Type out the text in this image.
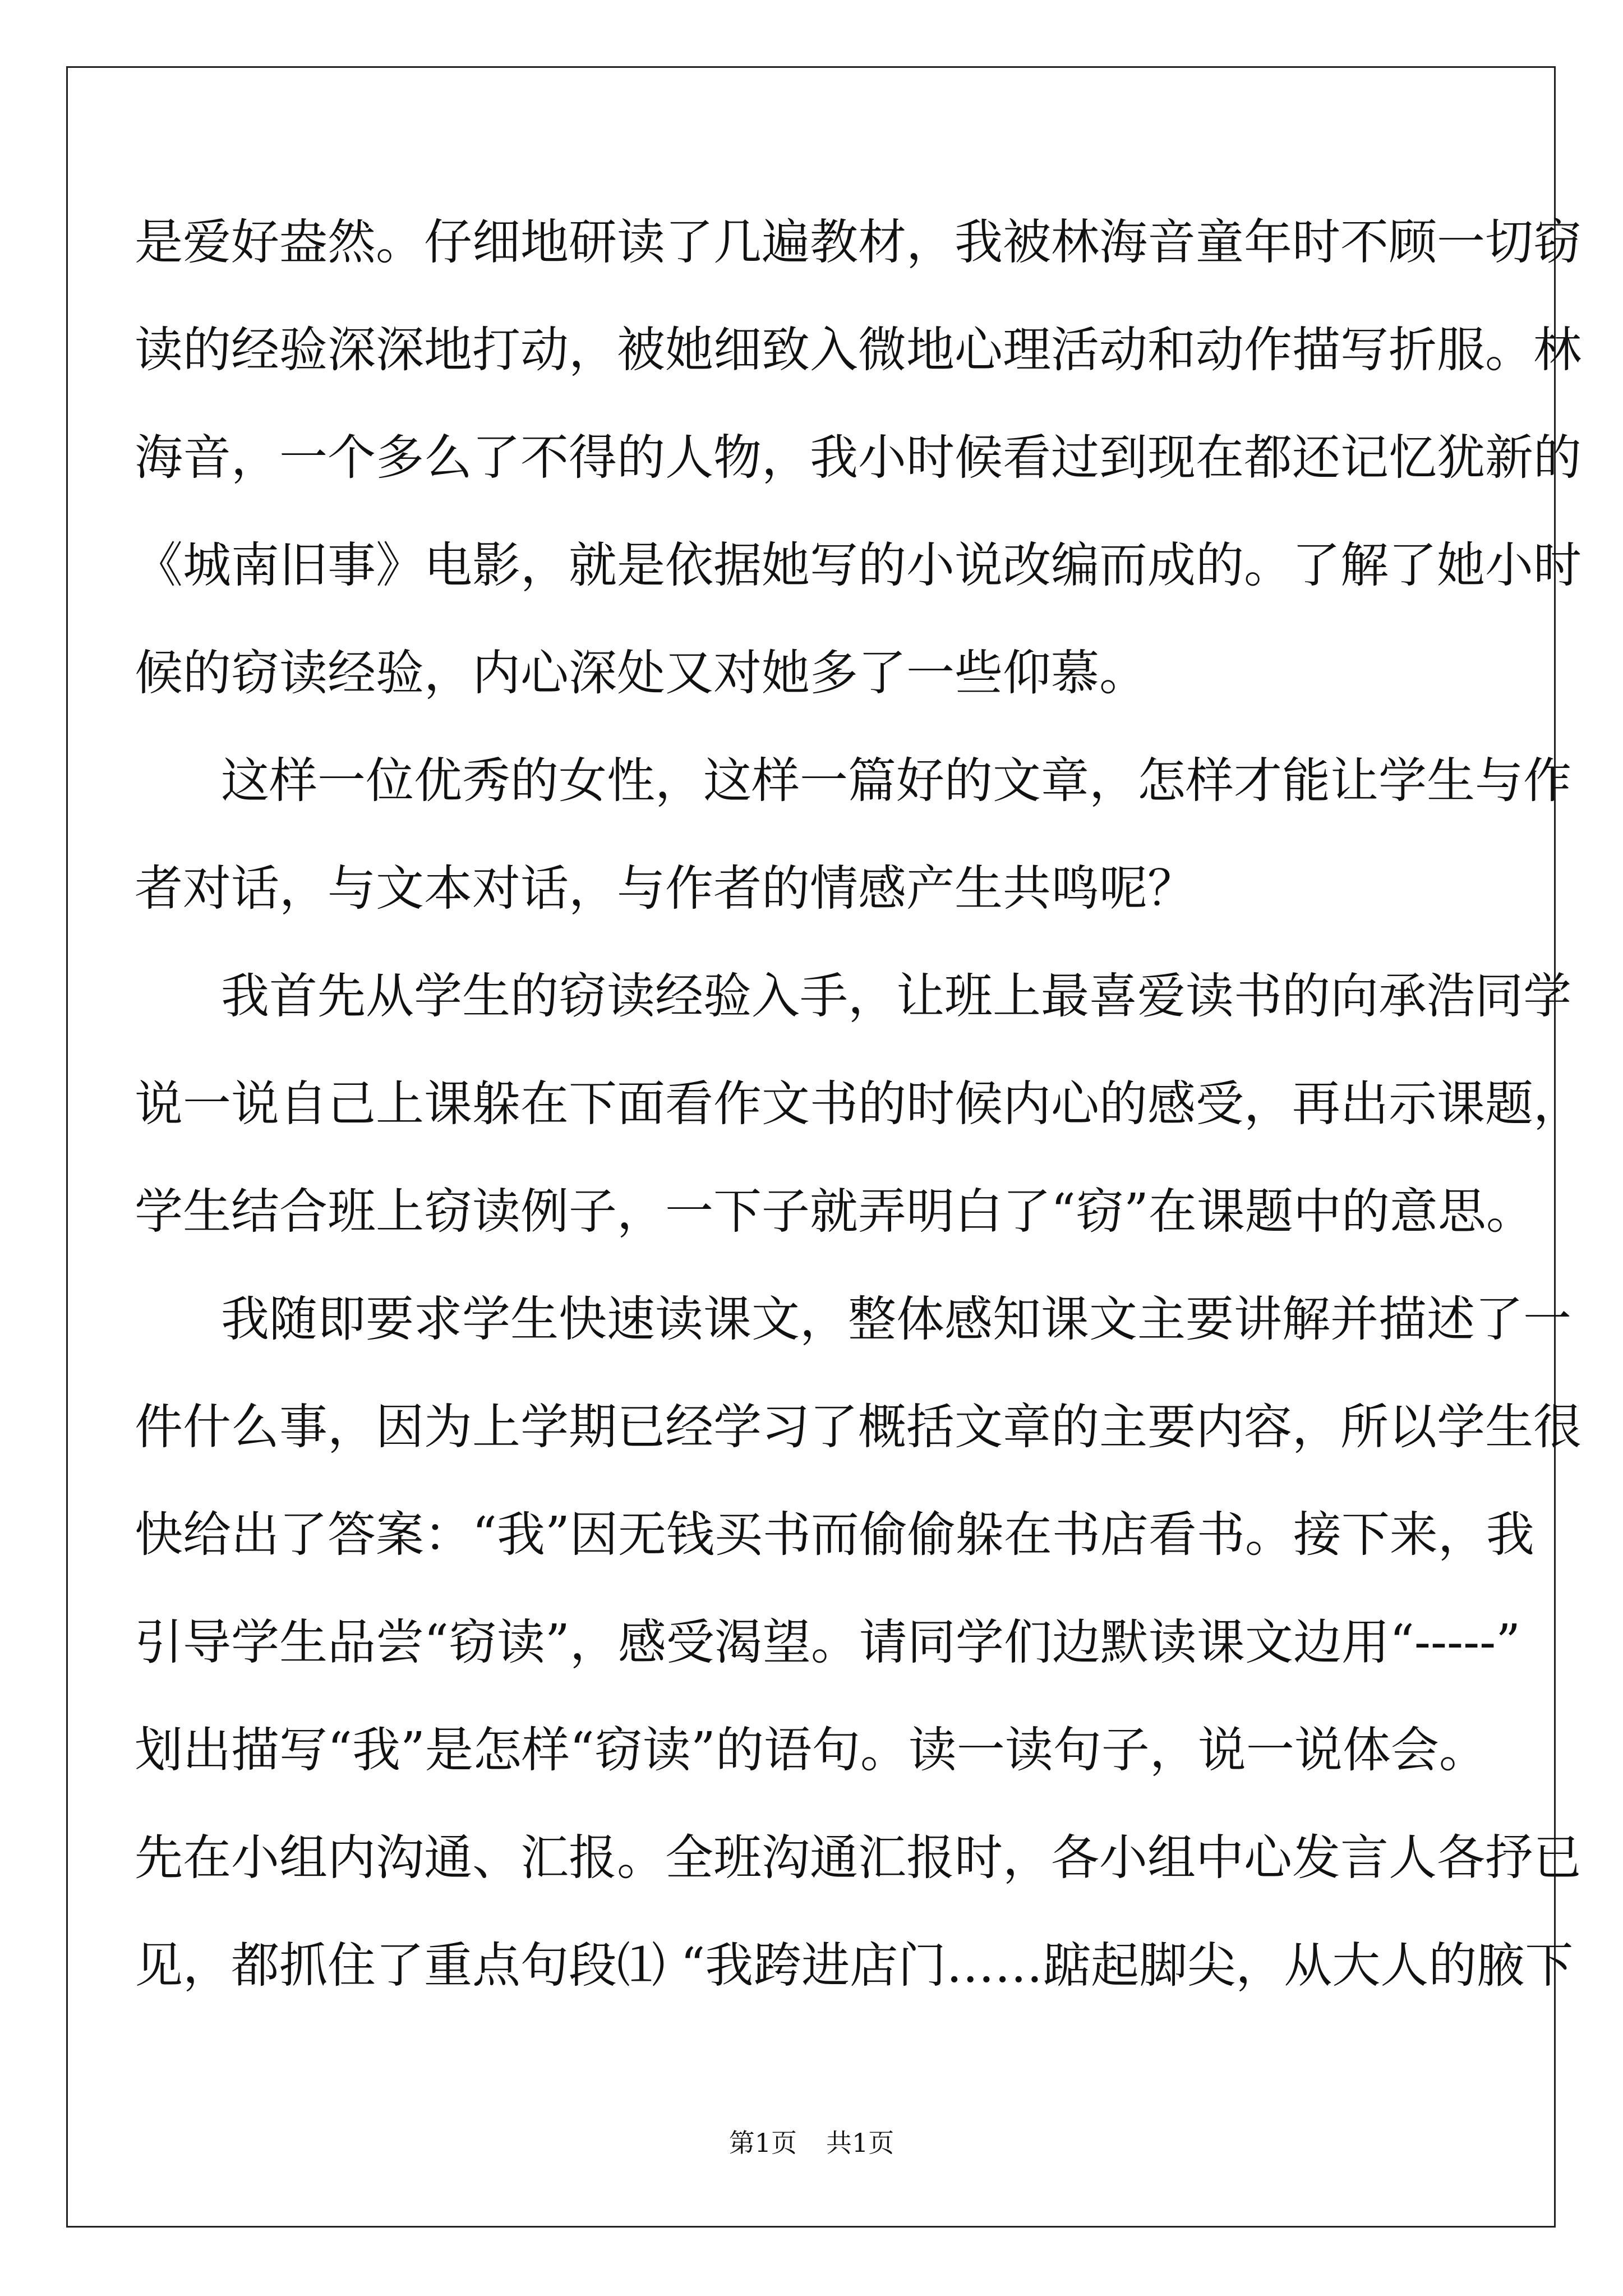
是爱好盎然。仔细地研读了几遍教材，我被林海音童年时不顾一切窃
读的经验深深地打动，被她细致入微地心理活动和动作描写折服。林
海音，一个多么了不得的人物，我小时候看过到现在都还记忆犹新的
《城南旧事》电影，就是依据她写的小说改编而成的。了解了她小时
候的窃读经验，内心深处又对她多了一些仰慕。
这样一位优秀的女性，这样一篇好的文章，怎样才能让学生与作
者对话，与文本对话，与作者的情感产生共鸣呢？
我首先从学生的窃读经验入手，让班上最喜爱读书的向承浩同学
说一说自己上课躲在下面看作文书的时候内心的感受，再出示课题，
学生结合班上窃读例子，一下子就弄明白了“窃”在课题中的意思。
我随即要求学生快速读课文，整体感知课文主要讲解并描述了一
件什么事，因为上学期已经学习了概括文章的主要内容，所以学生很
快给出了答案：“我”因无钱买书而偷偷躲在书店看书。接下来，我
引导学生品尝“窃读”，感受渴望。请同学们边默读课文边用“-----”
划出描写“我”是怎样“窃读”的语句。读一读句子，说一说体会。
先在小组内沟通、汇报。全班沟通汇报时，各小组中心发言人各抒已
见，都抓住了重点句段⑴ “我跨进店门……踮起脚尖，从大人的腋下
第1页 共1页
